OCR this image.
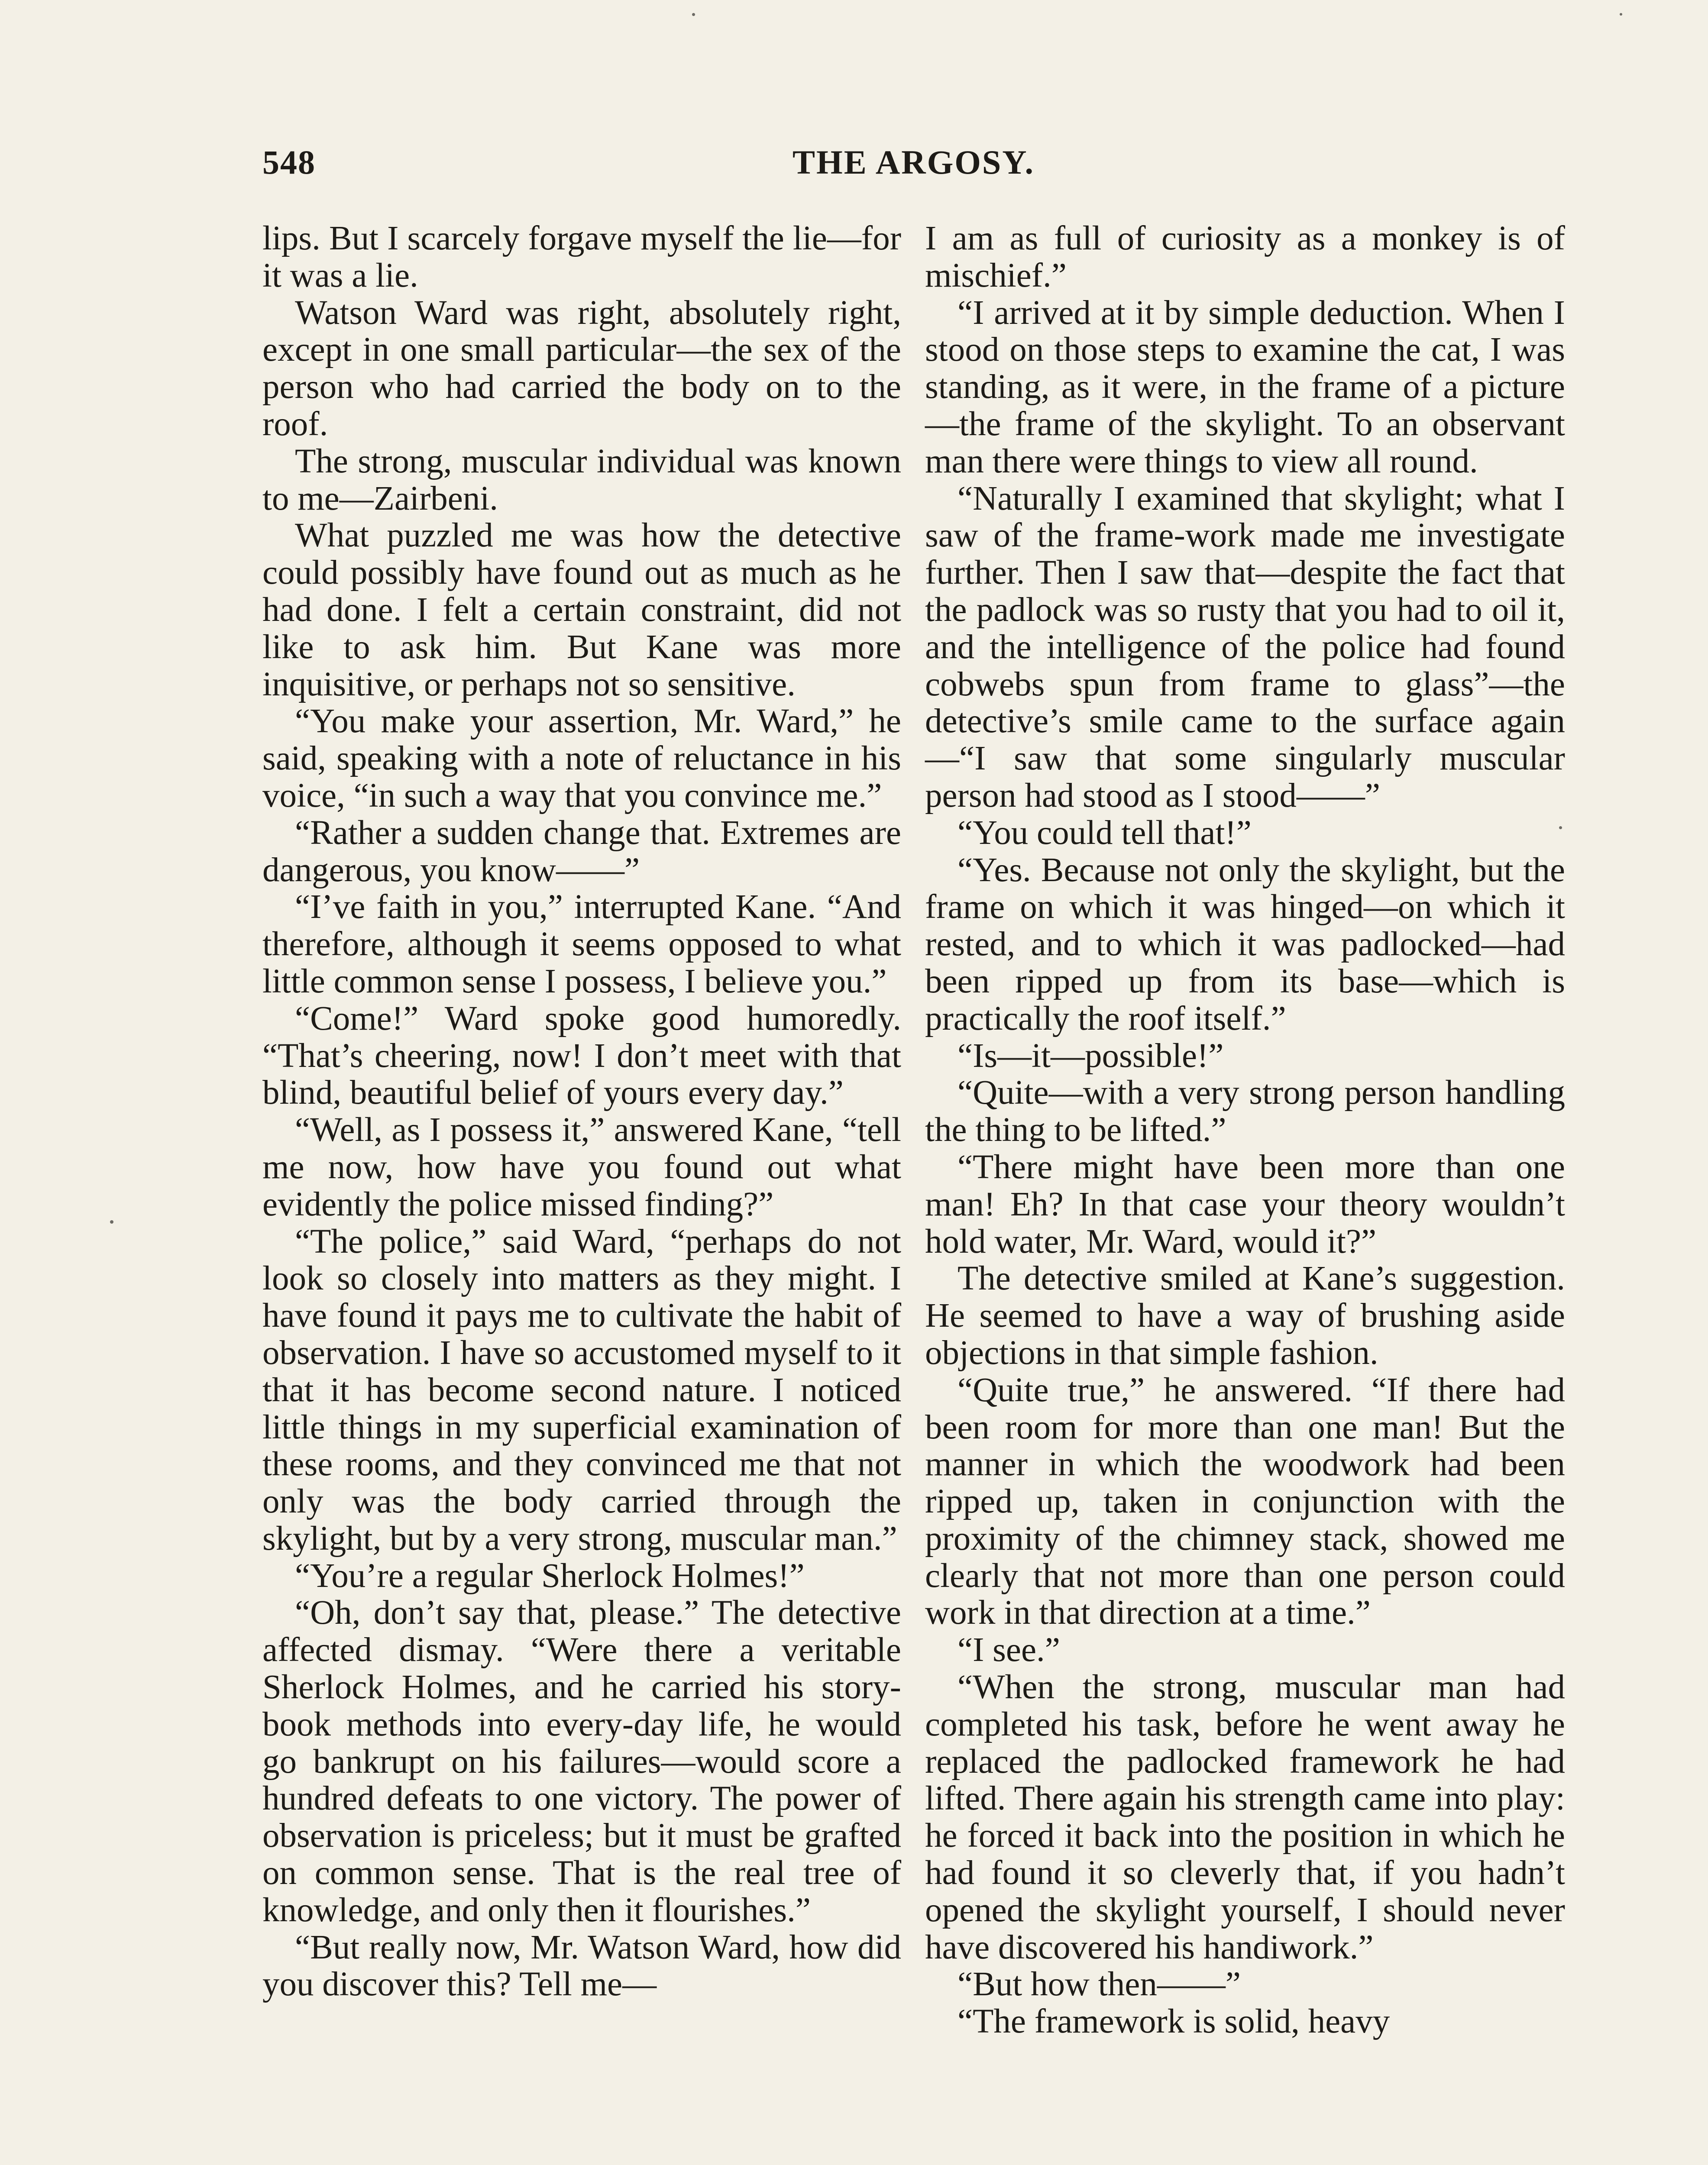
548	THE ARGOSY.

lips. But I scarcely forgave myself the lie—for it was a lie.

Watson Ward was right, absolutely right, except in one small particular—the sex of the person who had carried the body on to the roof.

The strong, muscular individual was known to me—Zairbeni.

What puzzled me was how the detective could possibly have found out as much as he had done. I felt a certain constraint, did not like to ask him. But Kane was more inquisitive, or perhaps not so sensitive.

“You make your assertion, Mr. Ward,” he said, speaking with a note of reluctance in his voice, “in such a way that you convince me.”

“Rather a sudden change that. Extremes are dangerous, you know——”

“I’ve faith in you,” interrupted Kane. “And therefore, although it seems opposed to what little common sense I possess, I believe you.”

“Come!” Ward spoke good humoredly. “That’s cheering, now! I don’t meet with that blind, beautiful belief of yours every day.”

“Well, as I possess it,” answered Kane, “tell me now, how have you found out what evidently the police missed finding?”

“The police,” said Ward, “perhaps do not look so closely into matters as they might. I have found it pays me to cultivate the habit of observation. I have so accustomed myself to it that it has become second nature. I noticed little things in my superficial examination of these rooms, and they convinced me that not only was the body carried through the skylight, but by a very strong, muscular man.”

“You’re a regular Sherlock Holmes!”

“Oh, don’t say that, please.” The detective affected dismay. “Were there a veritable Sherlock Holmes, and he carried his story-book methods into every-day life, he would go bankrupt on his failures—would score a hundred defeats to one victory. The power of observation is priceless; but it must be grafted on common sense. That is the real tree of knowledge, and only then it flourishes.”

“But really now, Mr. Watson Ward, how did you discover this? Tell me—

I am as full of curiosity as a monkey is of mischief.”

“I arrived at it by simple deduction. When I stood on those steps to examine the cat, I was standing, as it were, in the frame of a picture—the frame of the skylight. To an observant man there were things to view all round.

“Naturally I examined that skylight; what I saw of the frame-work made me investigate further. Then I saw that—despite the fact that the padlock was so rusty that you had to oil it, and the intelligence of the police had found cobwebs spun from frame to glass”—the detective’s smile came to the surface again—“I saw that some singularly muscular person had stood as I stood——”

“You could tell that!”

“Yes. Because not only the skylight, but the frame on which it was hinged—on which it rested, and to which it was padlocked—had been ripped up from its base—which is practically the roof itself.”

“Is—it—possible!”

“Quite—with a very strong person handling the thing to be lifted.”

“There might have been more than one man! Eh? In that case your theory wouldn’t hold water, Mr. Ward, would it?”

The detective smiled at Kane’s suggestion. He seemed to have a way of brushing aside objections in that simple fashion.

“Quite true,” he answered. “If there had been room for more than one man! But the manner in which the woodwork had been ripped up, taken in conjunction with the proximity of the chimney stack, showed me clearly that not more than one person could work in that direction at a time.”

“I see.”

“When the strong, muscular man had completed his task, before he went away he replaced the padlocked framework he had lifted. There again his strength came into play: he forced it back into the position in which he had found it so cleverly that, if you hadn’t opened the skylight yourself, I should never have discovered his handiwork.”

“But how then——”

“The framework is solid, heavy
